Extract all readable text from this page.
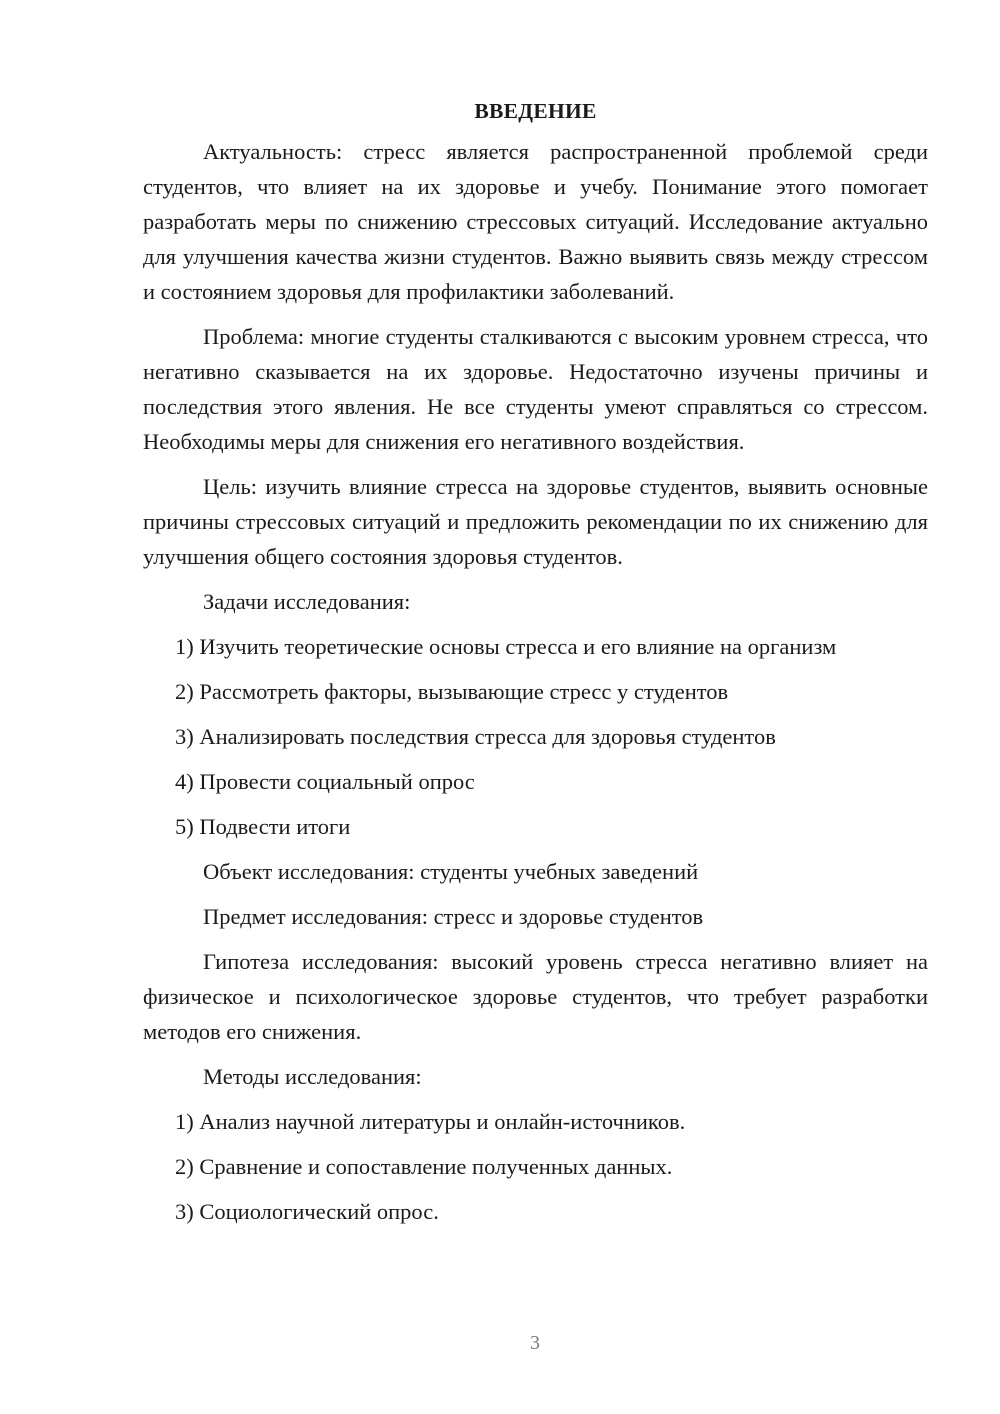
ВВЕДЕНИЕ

Актуальность: стресс является распространенной проблемой среди студентов, что влияет на их здоровье и учебу. Понимание этого помогает разработать меры по снижению стрессовых ситуаций. Исследование актуально для улучшения качества жизни студентов. Важно выявить связь между стрессом и состоянием здоровья для профилактики заболеваний.

Проблема: многие студенты сталкиваются с высоким уровнем стресса, что негативно сказывается на их здоровье. Недостаточно изучены причины и последствия этого явления. Не все студенты умеют справляться со стрессом. Необходимы меры для снижения его негативного воздействия.

Цель: изучить влияние стресса на здоровье студентов, выявить основные причины стрессовых ситуаций и предложить рекомендации по их снижению для улучшения общего состояния здоровья студентов.

Задачи исследования:

1) Изучить теоретические основы стресса и его влияние на организм
2) Рассмотреть факторы, вызывающие стресс у студентов
3) Анализировать последствия стресса для здоровья студентов
4) Провести социальный опрос
5) Подвести итоги

Объект исследования: студенты учебных заведений

Предмет исследования: стресс и здоровье студентов

Гипотеза исследования: высокий уровень стресса негативно влияет на физическое и психологическое здоровье студентов, что требует разработки методов его снижения.

Методы исследования:

1) Анализ научной литературы и онлайн-источников.
2) Сравнение и сопоставление полученных данных.
3) Социологический опрос.
3
